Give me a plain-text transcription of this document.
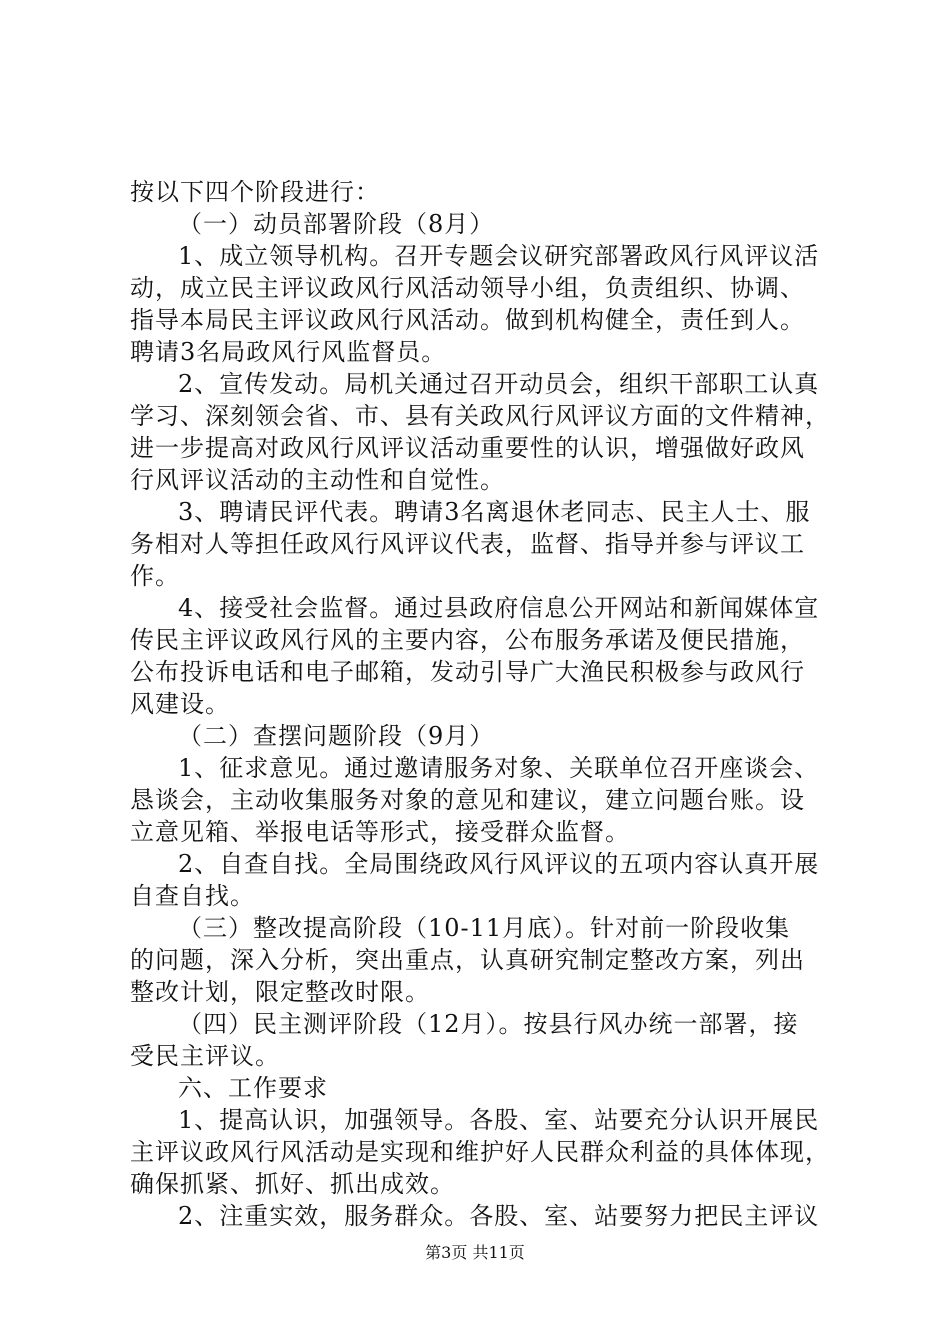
按以下四个阶段进行：
（一）动员部署阶段（8月）
1、成立领导机构。召开专题会议研究部署政风行风评议活
动，成立民主评议政风行风活动领导小组，负责组织、协调、
指导本局民主评议政风行风活动。做到机构健全，责任到人。
聘请3名局政风行风监督员。
2、宣传发动。局机关通过召开动员会，组织干部职工认真
学习、深刻领会省、市、县有关政风行风评议方面的文件精神，
进一步提高对政风行风评议活动重要性的认识，增强做好政风
行风评议活动的主动性和自觉性。
3、聘请民评代表。聘请3名离退休老同志、民主人士、服
务相对人等担任政风行风评议代表，监督、指导并参与评议工
作。
4、接受社会监督。通过县政府信息公开网站和新闻媒体宣
传民主评议政风行风的主要内容，公布服务承诺及便民措施，
公布投诉电话和电子邮箱，发动引导广大渔民积极参与政风行
风建设。
（二）查摆问题阶段（9月）
1、征求意见。通过邀请服务对象、关联单位召开座谈会、
恳谈会，主动收集服务对象的意见和建议，建立问题台账。设
立意见箱、举报电话等形式，接受群众监督。
2、自查自找。全局围绕政风行风评议的五项内容认真开展
自查自找。
（三）整改提高阶段（10-11月底）。针对前一阶段收集
的问题，深入分析，突出重点，认真研究制定整改方案，列出
整改计划，限定整改时限。
（四）民主测评阶段（12月）。按县行风办统一部署，接
受民主评议。
六、工作要求
1、提高认识，加强领导。各股、室、站要充分认识开展民
主评议政风行风活动是实现和维护好人民群众利益的具体体现，
确保抓紧、抓好、抓出成效。
2、注重实效，服务群众。各股、室、站要努力把民主评议
第3页 共11页
